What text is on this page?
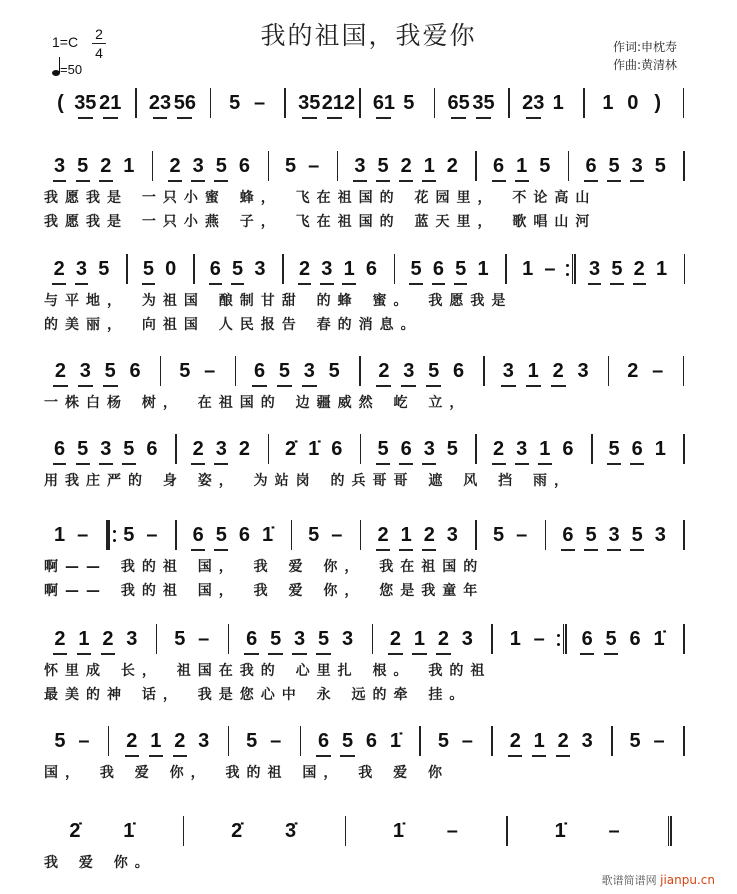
我的祖国，我爱你
1=C 2
4
=50
作词:申枕寿
作曲:黄清林
( 35 21 23 56	5 –	35 212 61 5	65 35 23 1	1 0 )
3 5 2 1 2 3 5 6 5 – 3 5 2 1 2 6 1 5 6 5 3 5
我愿我是 一只小蜜 蜂， 飞在祖国的 花园里， 不论高山
我愿我是 一只小燕 子， 飞在祖国的 蓝天里， 歌唱山河
2 3 5 5 0 6 5 3 2 3 1 6 5 6 5 1 1 – 3 5 2 1
与平地， 为祖国 酿制甘甜 的蜂 蜜。 我愿我是
的美丽， 向祖国 人民报告 春的消息。
2 3 5 6	5 –	6 5 3 5	2 3 5 6	3 1 2 3	2 –
一株白杨 树， 在祖国的 边疆威然 屹 立，
6 5 3 5 6 2 3 2 2̇ 1̇ 6 5 6 3 5 2 3 1 6 5 6 1
用我庄严的 身 姿， 为站岗 的兵哥哥 遮 风 挡 雨，
1 – 5 – 6 5 6 1̇ 5 – 2 1 2 3 5 – 6 5 3 5 3
啊—— 我的祖 国， 我 爱 你， 我在祖国的
啊—— 我的祖 国， 我 爱 你， 您是我童年
2 1 2 3	5 –	6 5 3 5 3	2 1 2 3	1 –	6 5 6 1̇
怀里成 长， 祖国在我的 心里扎 根。 我的祖
最美的神 话， 我是您心中 永 远的牵 挂。
5 –	2 1 2 3	5 –	6 5 6 1̇	5 –	2 1 2 3	5 –
国， 我 爱 你， 我的祖 国， 我 爱 你
2̇	1̇	2̇	3̇	1̇	–	1̇	–
我 爱 你。
歌谱简谱网 jianpu.cn
